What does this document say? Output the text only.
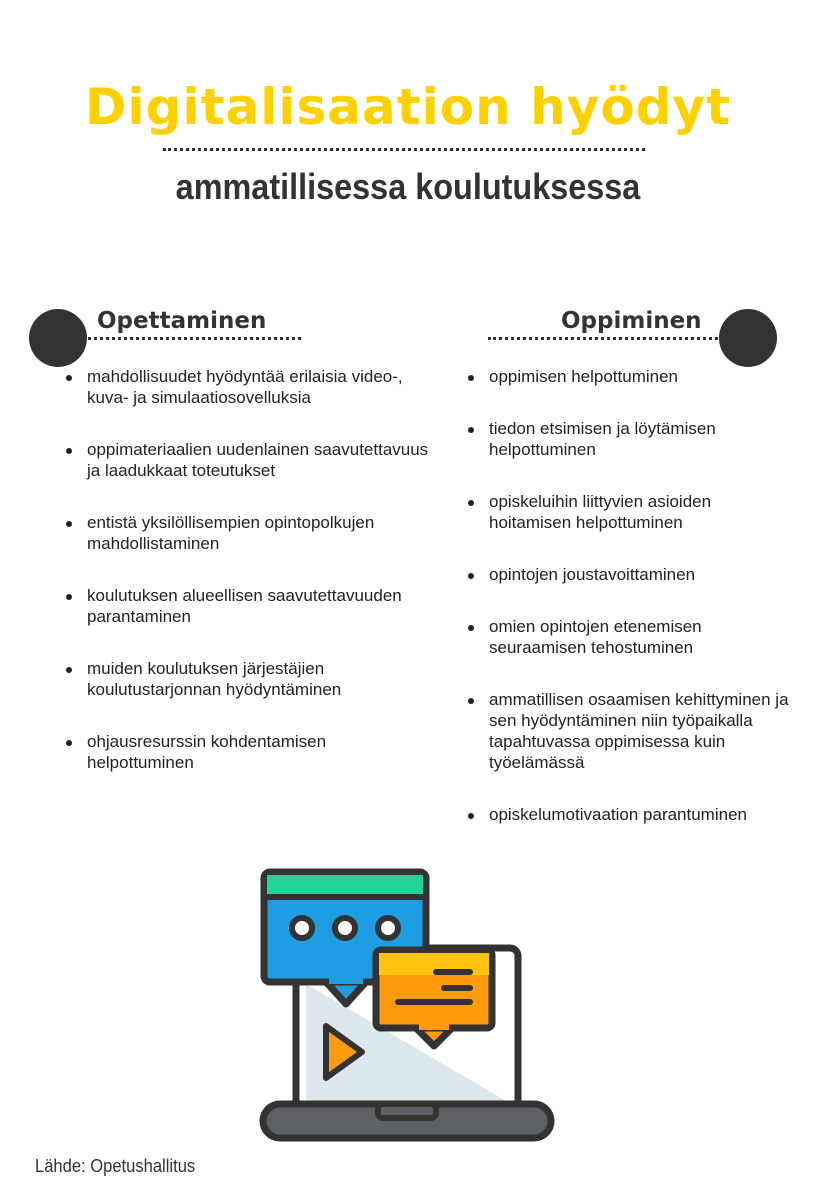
Digitalisaation hyödyt
ammatillisessa koulutuksessa
Opettaminen	Oppiminen
mahdollisuudet hyödyntää erilaisia video-, kuva- ja simulaatiosovelluksia
oppimateriaalien uudenlainen saavutettavuus ja laadukkaat toteutukset
entistä yksilöllisempien opintopolkujen mahdollistaminen
koulutuksen alueellisen saavutettavuuden parantaminen
muiden koulutuksen järjestäjien koulutustarjonnan hyödyntäminen
ohjausresurssin kohdentamisen helpottuminen
oppimisen helpottuminen
tiedon etsimisen ja löytämisen helpottuminen
opiskeluihin liittyvien asioiden hoitamisen helpottuminen
opintojen joustavoittaminen
omien opintojen etenemisen seuraamisen tehostuminen
ammatillisen osaamisen kehittyminen ja sen hyödyntäminen niin työpaikalla tapahtuvassa oppimisessa kuin työelämässä
opiskelumotivaation parantuminen
Lähde: Opetushallitus
